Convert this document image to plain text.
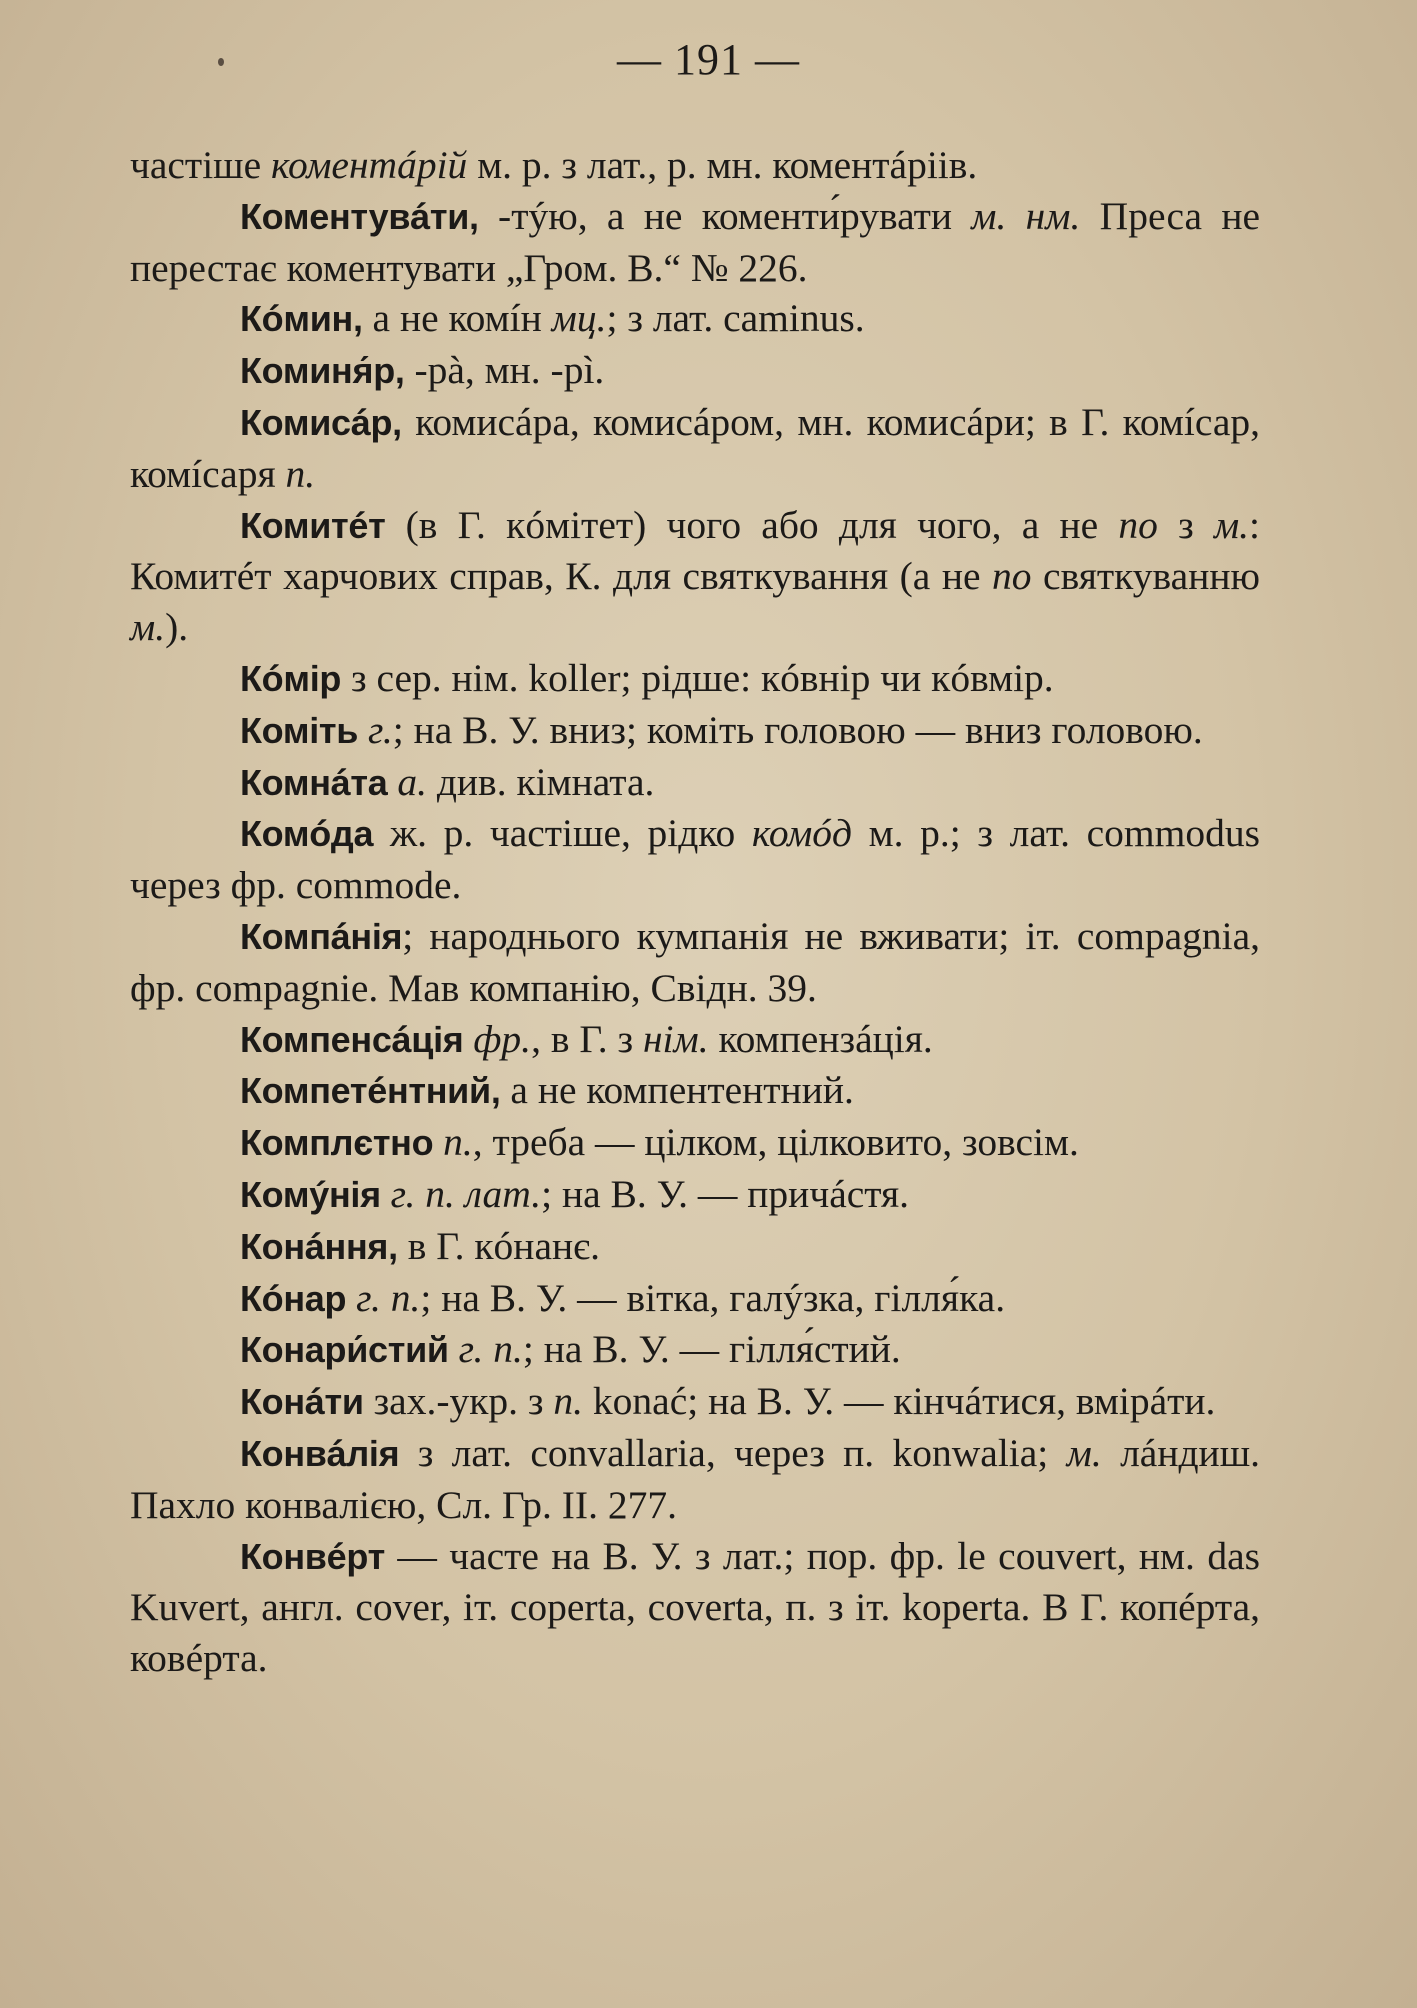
— 191 —

частіше коментáрій м. р. з лат., р. мн. коментáріів.

Коментувáти, -тýю, а не коменти́рувати м. нм. Преса не перестає коментувати „Гром. В.“ № 226.

Кóмин, а не комíн мц.; з лат. caminus.

Коминя́р, -рà, мн. -рì.

Комисáр, комисáра, комисáром, мн. комисáри; в Г. комíсар, комíсаря п.

Комитéт (в Г. кóмітет) чого або для чого, а не по з м.: Комитéт харчових справ, К. для святкування (а не по святкуванню м.).

Кóмір з сер. нім. koller; рідше: кóвнір чи кóвмір.

Коміть г.; на В. У. вниз; коміть головою — вниз головою.

Комнáта а. див. кімната.

Комóда ж. р. частіше, рідко комóд м. р.; з лат. commodus через фр. commode.

Компáнія; народнього кумпанія не вживати; іт. compagnia, фр. compagnie. Мав компанію, Свідн. 39.

Компенсáція фр., в Г. з нім. компензáція.

Компетéнтний, а не компентентний.

Комплєтно п., треба — цілком, цілковито, зовсім.

Комýнія г. п. лат.; на В. У. — причáстя.

Конáння, в Г. кóнанє.

Кóнар г. п.; на В. У. — вітка, галýзка, гілля́ка.

Конари́стий г. п.; на В. У. — гілля́стий.

Конáти зах.-укр. з п. konać; на В. У. — кінчáтися, вмірáти.

Конвáлія з лат. convallaria, через п. konwalia; м. лáндиш. Пахло конвалією, Сл. Гр. II. 277.

Конвéрт — часте на В. У. з лат.; пор. фр. le couvert, нм. das Kuvert, англ. cover, іт. coperta, coverta, п. з іт. koperta. В Г. копéрта, ковéрта.
